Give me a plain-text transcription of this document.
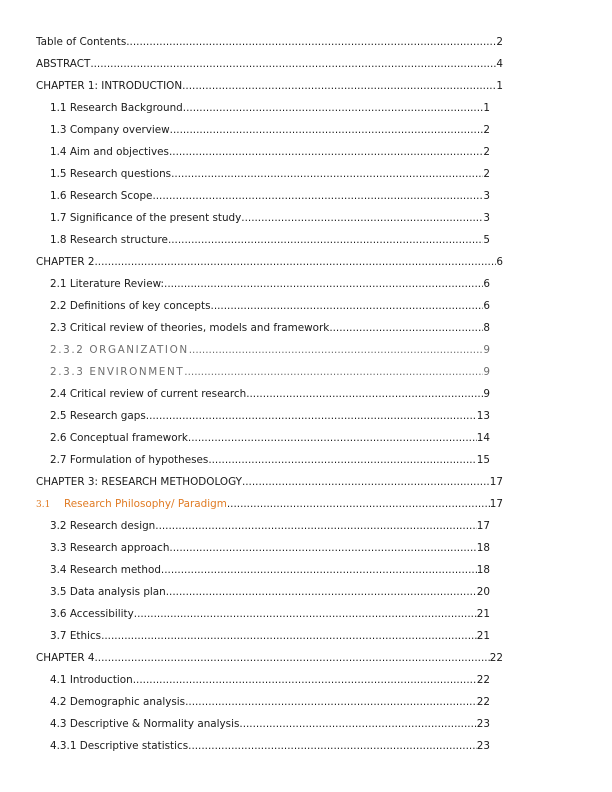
Table of Contents .....	2
ABSTRACT .....	4
CHAPTER 1: INTRODUCTION .....	1
1.1 Research Background .....	1
1.3 Company overview .....	2
1.4 Aim and objectives .....	2
1.5 Research questions .....	2
1.6 Research Scope .....	3
1.7 Significance of the present study .....	3
1.8 Research structure .....	5
CHAPTER 2 .....	6
2.1 Literature Review: .....	6
2.2 Definitions of key concepts .....	6
2.3 Critical review of theories, models and framework .....	8
2.3.2 ORGANIZATION .....	9
2.3.3 ENVIRONMENT .....	9
2.4 Critical review of current research .....	9
2.5 Research gaps .....	13
2.6 Conceptual framework .....	14
2.7 Formulation of hypotheses .....	15
CHAPTER 3: RESEARCH METHODOLOGY .....	17
3.1 Research Philosophy/ Paradigm .....	17
3.2 Research design .....	17
3.3 Research approach .....	18
3.4 Research method .....	18
3.5 Data analysis plan .....	20
3.6 Accessibility .....	21
3.7 Ethics .....	21
CHAPTER 4 .....	22
4.1 Introduction .....	22
4.2 Demographic analysis .....	22
4.3 Descriptive & Normality analysis .....	23
4.3.1 Descriptive statistics .....	23
